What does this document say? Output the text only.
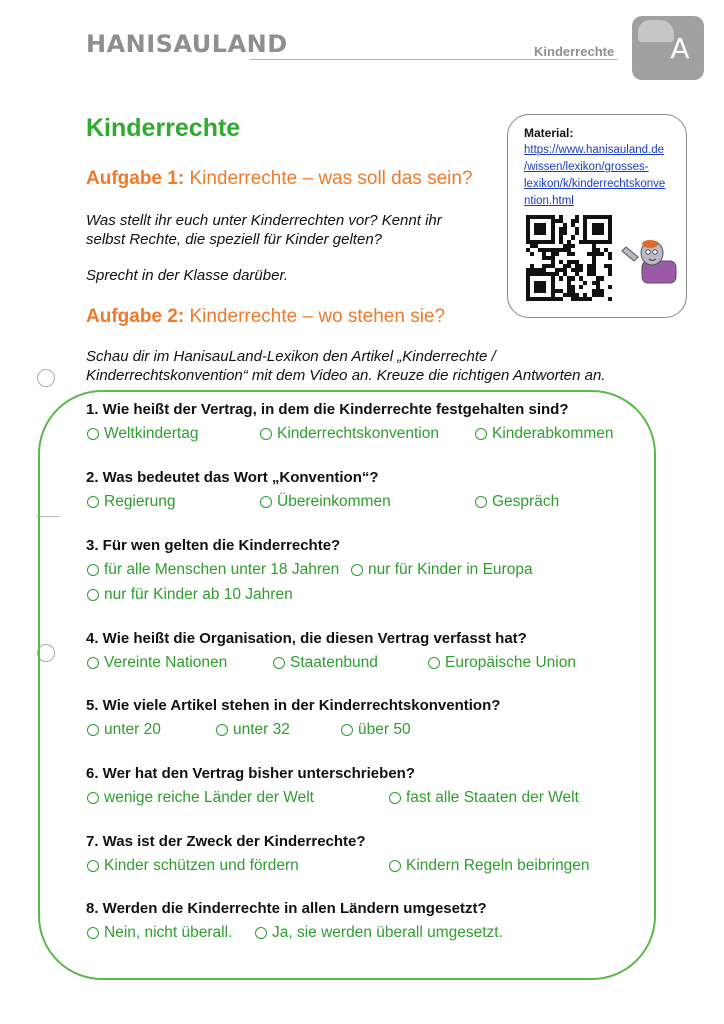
HANISAULAND	Kinderrechte	A
Kinderrechte
Aufgabe 1: Kinderrechte – was soll das sein?
Was stellt ihr euch unter Kinderrechten vor? Kennt ihr
selbst Rechte, die speziell für Kinder gelten?
Sprecht in der Klasse darüber.
Aufgabe 2: Kinderrechte – wo stehen sie?
Schau dir im HanisauLand-Lexikon den Artikel „Kinderrechte /
Kinderrechtskonvention“ mit dem Video an. Kreuze die richtigen Antworten an.
Material:
https://www.hanisauland.de
/wissen/lexikon/grosses-
lexikon/k/kinderrechtskonve
ntion.html
1. Wie heißt der Vertrag, in dem die Kinderrechte festgehalten sind?
Weltkindertag	Kinderrechtskonvention	Kinderabkommen
2. Was bedeutet das Wort „Konvention“?
Regierung	Übereinkommen	Gespräch
3. Für wen gelten die Kinderrechte?
für alle Menschen unter 18 Jahren nur für Kinder in Europa
nur für Kinder ab 10 Jahren
4. Wie heißt die Organisation, die diesen Vertrag verfasst hat?
Vereinte Nationen	Staatenbund	Europäische Union
5. Wie viele Artikel stehen in der Kinderrechtskonvention?
unter 20	unter 32	über 50
6. Wer hat den Vertrag bisher unterschrieben?
wenige reiche Länder der Welt	fast alle Staaten der Welt
7. Was ist der Zweck der Kinderrechte?
Kinder schützen und fördern	Kindern Regeln beibringen
8. Werden die Kinderrechte in allen Ländern umgesetzt?
Nein, nicht überall.	Ja, sie werden überall umgesetzt.
